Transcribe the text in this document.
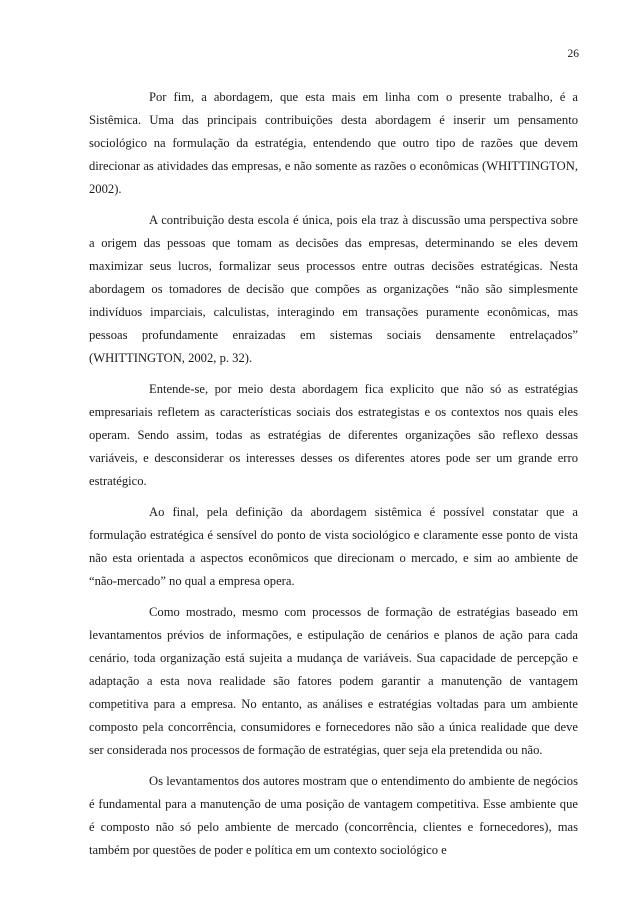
26

Por fim, a abordagem, que esta mais em linha com o presente trabalho, é a Sistêmica. Uma das principais contribuições desta abordagem é inserir um pensamento sociológico na formulação da estratégia, entendendo que outro tipo de razões que devem direcionar as atividades das empresas, e não somente as razões o econômicas (WHITTINGTON, 2002).

A contribuição desta escola é única, pois ela traz à discussão uma perspectiva sobre a origem das pessoas que tomam as decisões das empresas, determinando se eles devem maximizar seus lucros, formalizar seus processos entre outras decisões estratégicas. Nesta abordagem os tomadores de decisão que compões as organizações “não são simplesmente indivíduos imparciais, calculistas, interagindo em transações puramente econômicas, mas pessoas profundamente enraizadas em sistemas sociais densamente entrelaçados” (WHITTINGTON, 2002, p. 32).

Entende-se, por meio desta abordagem fica explicito que não só as estratégias empresariais refletem as características sociais dos estrategistas e os contextos nos quais eles operam. Sendo assim, todas as estratégias de diferentes organizações são reflexo dessas variáveis, e desconsiderar os interesses desses os diferentes atores pode ser um grande erro estratégico.

Ao final, pela definição da abordagem sistêmica é possível constatar que a formulação estratégica é sensível do ponto de vista sociológico e claramente esse ponto de vista não esta orientada a aspectos econômicos que direcionam o mercado, e sim ao ambiente de “não-mercado” no qual a empresa opera.

Como mostrado, mesmo com processos de formação de estratégias baseado em levantamentos prévios de informações, e estipulação de cenários e planos de ação para cada cenário, toda organização está sujeita a mudança de variáveis. Sua capacidade de percepção e adaptação a esta nova realidade são fatores podem garantir a manutenção de vantagem competitiva para a empresa. No entanto, as análises e estratégias voltadas para um ambiente composto pela concorrência, consumidores e fornecedores não são a única realidade que deve ser considerada nos processos de formação de estratégias, quer seja ela pretendida ou não.

Os levantamentos dos autores mostram que o entendimento do ambiente de negócios é fundamental para a manutenção de uma posição de vantagem competitiva. Esse ambiente que é composto não só pelo ambiente de mercado (concorrência, clientes e fornecedores), mas também por questões de poder e política em um contexto sociológico e
